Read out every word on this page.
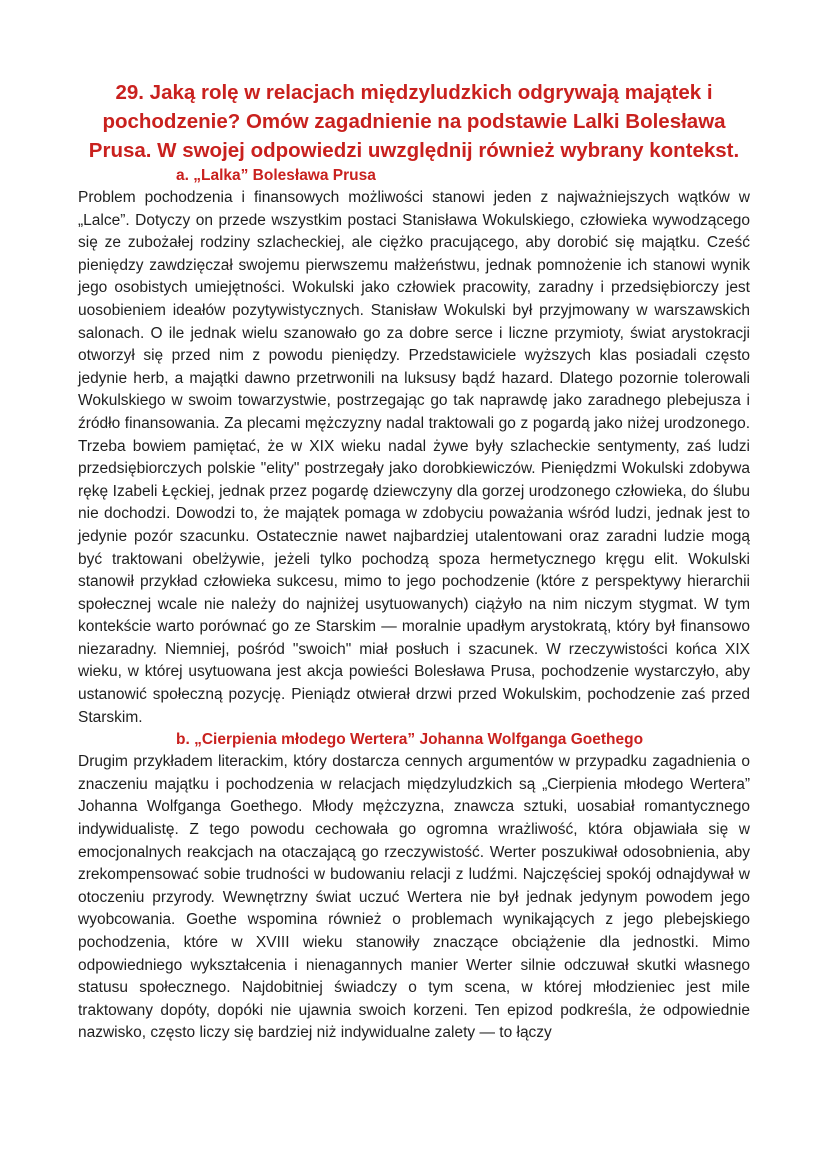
29. Jaką rolę w relacjach międzyludzkich odgrywają majątek i pochodzenie? Omów zagadnienie na podstawie Lalki Bolesława Prusa. W swojej odpowiedzi uwzględnij również wybrany kontekst.
a. „Lalka” Bolesława Prusa

Problem pochodzenia i finansowych możliwości stanowi jeden z najważniejszych wątków w „Lalce”. Dotyczy on przede wszystkim postaci Stanisława Wokulskiego, człowieka wywodzącego się ze zubożałej rodziny szlacheckiej, ale ciężko pracującego, aby dorobić się majątku. Cześć pieniędzy zawdzięczał swojemu pierwszemu małżeństwu, jednak pomnożenie ich stanowi wynik jego osobistych umiejętności. Wokulski jako człowiek pracowity, zaradny i przedsiębiorczy jest uosobieniem ideałów pozytywistycznych. Stanisław Wokulski był przyjmowany w warszawskich salonach. O ile jednak wielu szanowało go za dobre serce i liczne przymioty, świat arystokracji otworzył się przed nim z powodu pieniędzy. Przedstawiciele wyższych klas posiadali często jedynie herb, a majątki dawno przetrwonili na luksusy bądź hazard. Dlatego pozornie tolerowali Wokulskiego w swoim towarzystwie, postrzegając go tak naprawdę jako zaradnego plebejusza i źródło finansowania. Za plecami mężczyzny nadal traktowali go z pogardą jako niżej urodzonego. Trzeba bowiem pamiętać, że w XIX wieku nadal żywe były szlacheckie sentymenty, zaś ludzi przedsiębiorczych polskie "elity" postrzegały jako dorobkiewiczów. Pieniędzmi Wokulski zdobywa rękę Izabeli Łęckiej, jednak przez pogardę dziewczyny dla gorzej urodzonego człowieka, do ślubu nie dochodzi. Dowodzi to, że majątek pomaga w zdobyciu poważania wśród ludzi, jednak jest to jedynie pozór szacunku. Ostatecznie nawet najbardziej utalentowani oraz zaradni ludzie mogą być traktowani obelżywie, jeżeli tylko pochodzą spoza hermetycznego kręgu elit. Wokulski stanowił przykład człowieka sukcesu, mimo to jego pochodzenie (które z perspektywy hierarchii społecznej wcale nie należy do najniżej usytuowanych) ciążyło na nim niczym stygmat. W tym kontekście warto porównać go ze Starskim — moralnie upadłym arystokratą, który był finansowo niezaradny. Niemniej, pośród "swoich" miał posłuch i szacunek. W rzeczywistości końca XIX wieku, w której usytuowana jest akcja powieści Bolesława Prusa, pochodzenie wystarczyło, aby ustanowić społeczną pozycję. Pieniądz otwierał drzwi przed Wokulskim, pochodzenie zaś przed Starskim.

b. „Cierpienia młodego Wertera” Johanna Wolfganga Goethego

Drugim przykładem literackim, który dostarcza cennych argumentów w przypadku zagadnienia o znaczeniu majątku i pochodzenia w relacjach międzyludzkich są „Cierpienia młodego Wertera” Johanna Wolfganga Goethego. Młody mężczyzna, znawcza sztuki, uosabiał romantycznego indywidualistę. Z tego powodu cechowała go ogromna wrażliwość, która objawiała się w emocjonalnych reakcjach na otaczającą go rzeczywistość. Werter poszukiwał odosobnienia, aby zrekompensować sobie trudności w budowaniu relacji z ludźmi. Najczęściej spokój odnajdywał w otoczeniu przyrody. Wewnętrzny świat uczuć Wertera nie był jednak jedynym powodem jego wyobcowania. Goethe wspomina również o problemach wynikających z jego plebejskiego pochodzenia, które w XVIII wieku stanowiły znaczące obciążenie dla jednostki. Mimo odpowiedniego wykształcenia i nienagannych manier Werter silnie odczuwał skutki własnego statusu społecznego. Najdobitniej świadczy o tym scena, w której młodzieniec jest mile traktowany dopóty, dopóki nie ujawnia swoich korzeni. Ten epizod podkreśla, że odpowiednie nazwisko, często liczy się bardziej niż indywidualne zalety — to łączy
